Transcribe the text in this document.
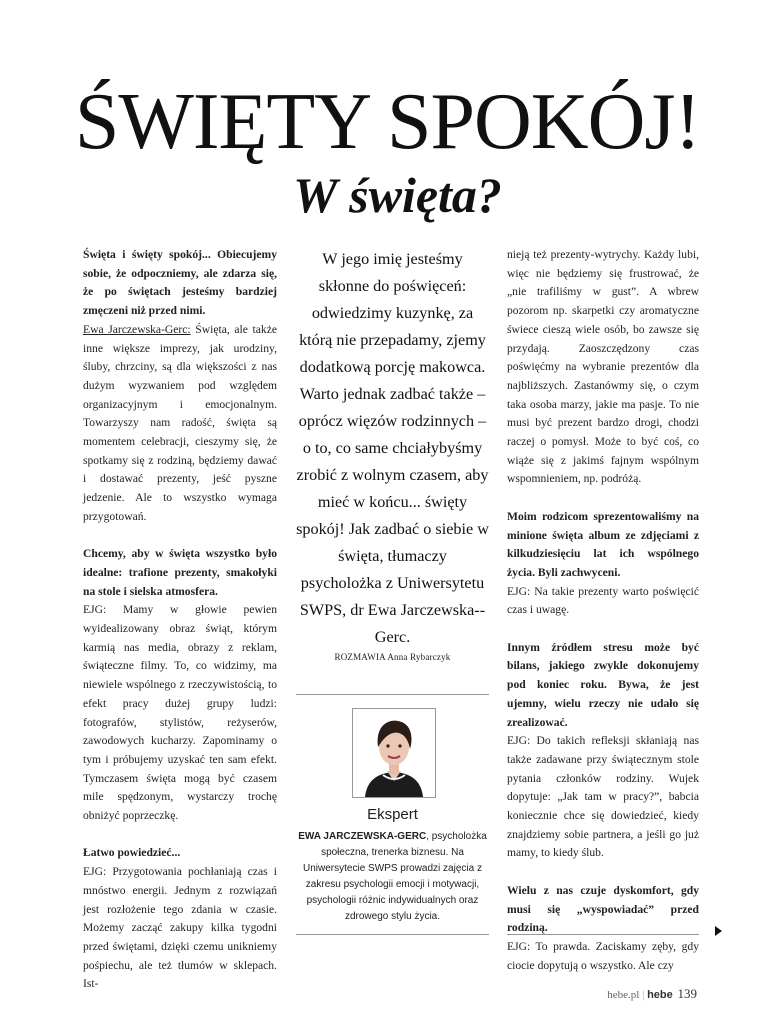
ŚWIĘTY SPOKÓJ!
W święta?

Święta i święty spokój... Obiecujemy sobie, że odpoczniemy, ale zdarza się, że po świętach jesteśmy bardziej zmęczeni niż przed nimi.

Ewa Jarczewska-Gerc: Święta, ale także inne większe imprezy, jak urodziny, śluby, chrzciny, są dla większości z nas dużym wyzwaniem pod względem organizacyjnym i emocjonalnym. Towarzyszy nam radość, święta są momentem celebracji, cieszymy się, że spotkamy się z rodziną, będziemy dawać i dostawać prezenty, jeść pyszne jedzenie. Ale to wszystko wymaga przygotowań.

Chcemy, aby w święta wszystko było idealne: trafione prezenty, smakołyki na stole i sielska atmosfera.

EJG: Mamy w głowie pewien wyidealizowany obraz świąt, którym karmią nas media, obrazy z reklam, świąteczne filmy. To, co widzimy, ma niewiele wspólnego z rzeczywistością, to efekt pracy dużej grupy ludzi: fotografów, stylistów, reżyserów, zawodowych kucharzy. Zapominamy o tym i próbujemy uzyskać ten sam efekt. Tymczasem święta mogą być czasem mile spędzonym, wystarczy trochę obniżyć poprzeczkę.

Łatwo powiedzieć...

EJG: Przygotowania pochłaniają czas i mnóstwo energii. Jednym z rozwiązań jest rozłożenie tego zdania w czasie. Możemy zacząć zakupy kilka tygodni przed świętami, dzięki czemu unikniemy pośpiechu, ale też tłumów w sklepach. Ist-

W jego imię jesteśmy skłonne do poświęceń: odwiedzimy kuzynkę, za którą nie przepadamy, zjemy dodatkową porcję makowca. Warto jednak zadbać także – oprócz więzów rodzinnych – o to, co same chciałybyśmy zrobić z wolnym czasem, aby mieć w końcu... święty spokój! Jak zadbać o siebie w święta, tłumaczy psycholożka z Uniwersytetu SWPS, dr Ewa Jarczewska--Gerc.
ROZMAWIA Anna Rybarczyk
Ekspert
EWA JARCZEWSKA-GERC, psycholożka społeczna, trenerka biznesu. Na Uniwersytecie SWPS prowadzi zajęcia z zakresu psychologii emocji i motywacji, psychologii różnic indywidualnych oraz zdrowego stylu życia.

nieją też prezenty-wytrychy. Każdy lubi, więc nie będziemy się frustrować, że „nie trafiliśmy w gust”. A wbrew pozorom np. skarpetki czy aromatyczne świece cieszą wiele osób, bo zawsze się przydają. Zaoszczędzony czas poświęćmy na wybranie prezentów dla najbliższych. Zastanówmy się, o czym taka osoba marzy, jakie ma pasje. To nie musi być prezent bardzo drogi, chodzi raczej o pomysł. Może to być coś, co wiąże się z jakimś fajnym wspólnym wspomnieniem, np. podróżą.

Moim rodzicom sprezentowaliśmy na minione święta album ze zdjęciami z kilkudziesięciu lat ich wspólnego życia. Byli zachwyceni.

EJG: Na takie prezenty warto poświęcić czas i uwagę.

Innym źródłem stresu może być bilans, jakiego zwykle dokonujemy pod koniec roku. Bywa, że jest ujemny, wielu rzeczy nie udało się zrealizować.

EJG: Do takich refleksji skłaniają nas także zadawane przy świątecznym stole pytania członków rodziny. Wujek dopytuje: „Jak tam w pracy?”, babcia koniecznie chce się dowiedzieć, kiedy znajdziemy sobie partnera, a jeśli go już mamy, to kiedy ślub.

Wielu z nas czuje dyskomfort, gdy musi się „wyspowiadać” przed rodziną.

EJG: To prawda. Zaciskamy zęby, gdy ciocie dopytują o wszystko. Ale czy

hebe.pl | hebe 139
